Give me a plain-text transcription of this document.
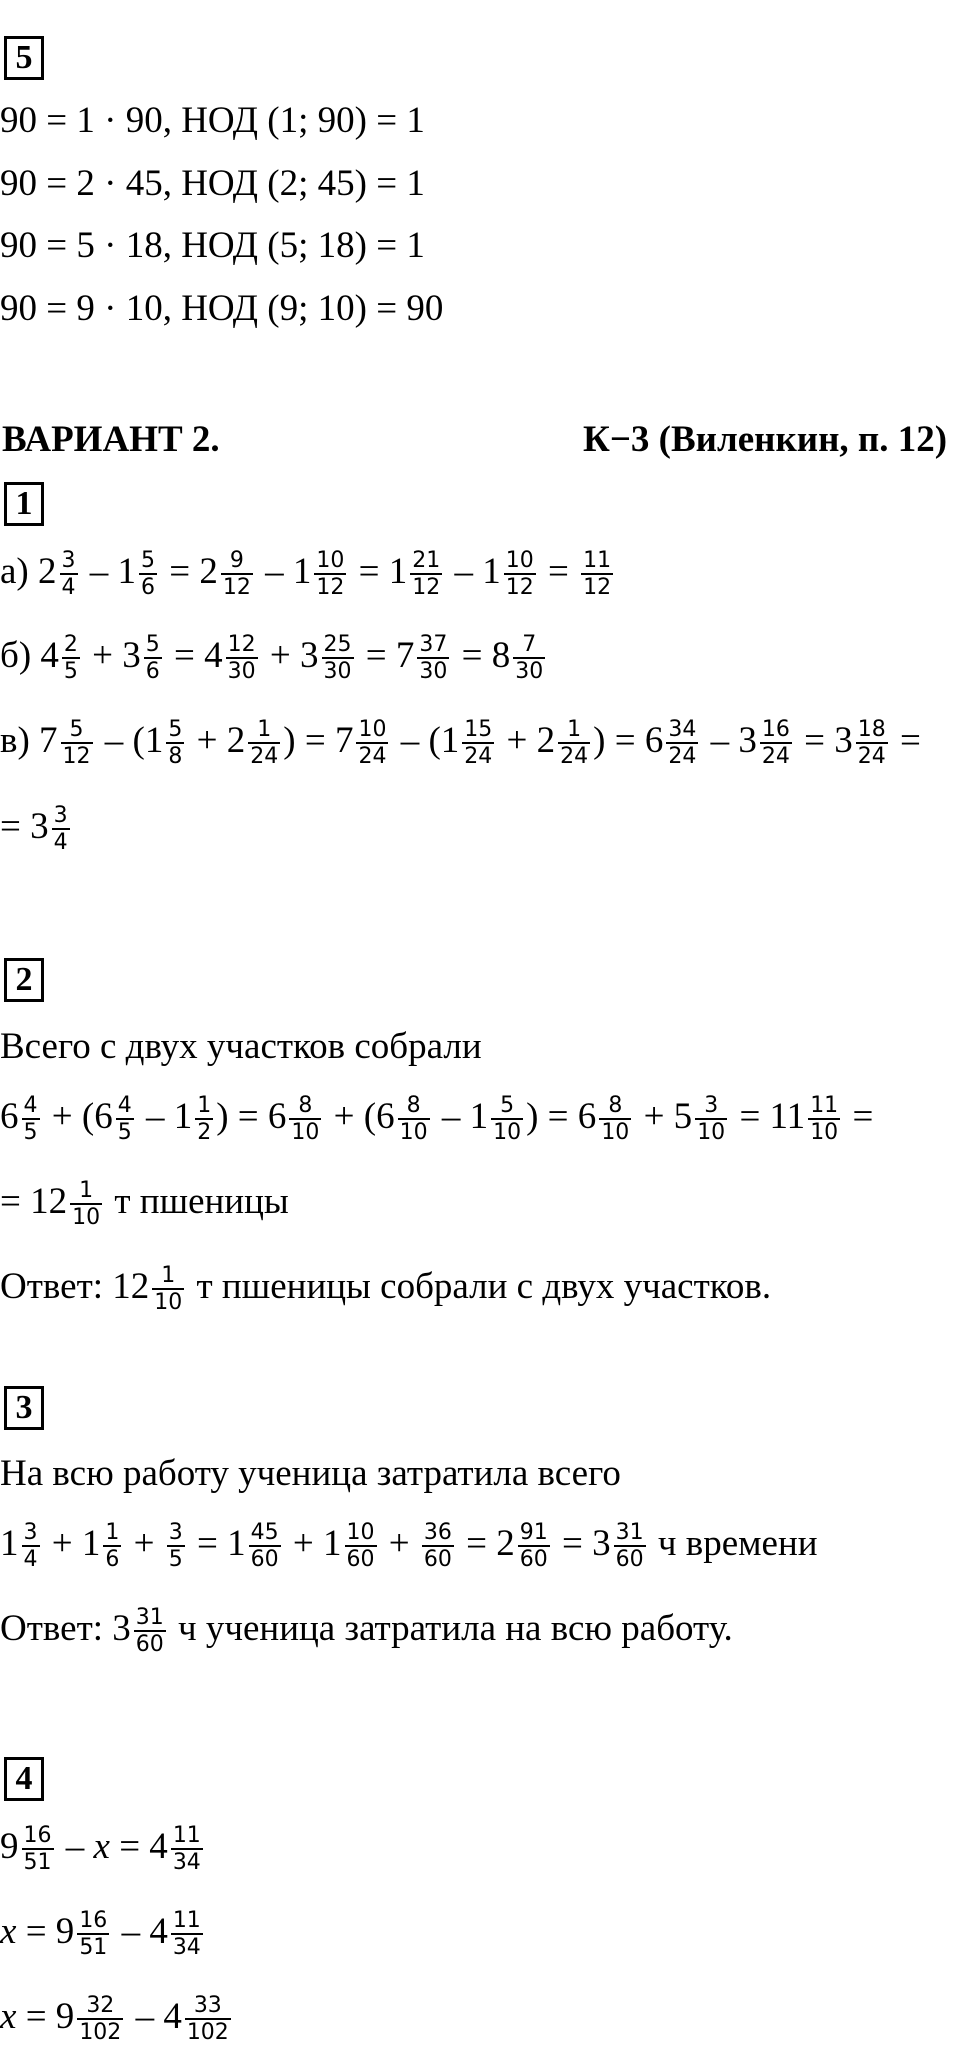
5
90 = 1 · 90, НОД (1; 90) = 1
90 = 2 · 45, НОД (2; 45) = 1
90 = 5 · 18, НОД (5; 18) = 1
90 = 9 · 10, НОД (9; 10) = 90
ВАРИАНТ 2.	К−3 (Виленкин, п. 12)
1
а) $2 \frac{3}{4} - 1 \frac{5}{6} = 2 \frac{9}{12} - 1 \frac{10}{12} = 1 \frac{21}{12} - 1 \frac{10}{12} = \frac{11}{12}$
б) $4 \frac{2}{5} + 3 \frac{5}{6} = 4 \frac{12}{30} + 3 \frac{25}{30} = 7 \frac{37}{30} = 8 \frac{7}{30}$
в) $7 \frac{5}{12} - (1 \frac{5}{8} + 2 \frac{1}{24}$ ) = $7 \frac{10}{24} - (1 \frac{15}{24} + 2 \frac{1}{24}$ ) = $6 \frac{34}{24} - 3 \frac{16}{24} = 3 \frac{18}{24}$ =
= $3 \frac{3}{4}$
2
Всего с двух участков собрали
$6 \frac{4}{5} + (6 \frac{4}{5} - 1 \frac{1}{2}$ ) = $6 \frac{8}{10} + (6 \frac{8}{10} - 1 \frac{5}{10}$ ) = $6 \frac{8}{10} + 5 \frac{3}{10} = 11 \frac{11}{10}$ =
= $12 \frac{1}{10}$ т пшеницы
Ответ: $12 \frac{1}{10}$ т пшеницы собрали с двух участков.
3
На всю работу ученица затратила всего
$1 \frac{3}{4} + 1 \frac{1}{6} + \frac{3}{5} = 1 \frac{45}{60} + 1 \frac{10}{60} + \frac{36}{60} = 2 \frac{91}{60} = 3 \frac{31}{60}$ ч времени
Ответ: $3 \frac{31}{60}$ ч ученица затратила на всю работу.
4
$9 \frac{16}{51} - x = 4 \frac{11}{34}$
$x = 9 \frac{16}{51} - 4 \frac{11}{34}$
$x = 9 \frac{32}{102} - 4 \frac{33}{102}$
